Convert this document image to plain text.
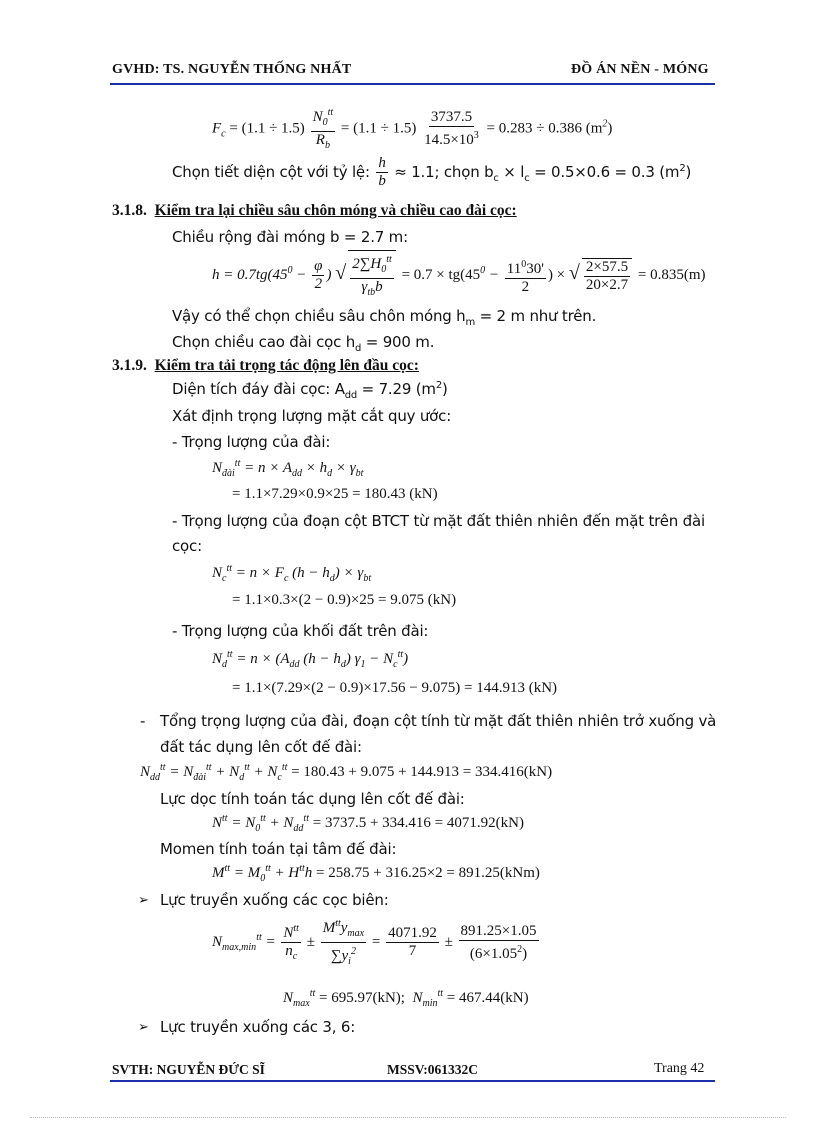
GVHD: TS. NGUYỄN THỐNG NHẤT	ĐỒ ÁN NỀN - MÓNG
$F_c = (1.1 \div 1.5) \frac{N_0^{tt}}{R_b} = (1.1 \div 1.5) \frac{3737.5}{14.5\times 10^3} = 0.283 \div 0.386$ $(m^2)$
Chọn tiết diện cột với tỷ lệ: $\frac{h}{b} \approx 1.1$; chọn $b_c \times l_c = 0.5\times 0.6 = 0.3$ $(m^2)$
3.1.8. Kiểm tra lại chiều sâu chôn móng và chiều cao đài cọc:
Chiều rộng đài móng b = 2.7 m:
$h = 0.7tg(45^0 - \frac{\varphi}{2}$ ) √ $\frac{2\sum H_0^{tt}}{\gamma_{tb}b} = 0.7 \times tg(45^0 - \frac{11^030'}{2}$ ) × √ $\frac{2\times 57.5}{20\times 2.7} = 0.835(m)$
Vậy có thể chọn chiều sâu chôn móng $h_m = 2$ m như trên.
Chọn chiều cao đài cọc $h_d = 900$ m.
3.1.9. Kiểm tra tải trọng tác động lên đầu cọc:
Diện tích đáy đài cọc: $A_{dd} = 7.29$ $(m^2)$
Xát định trọng lượng mặt cắt quy ước:
- Trọng lượng của đài:
$N_{đài}^{tt} = n \times A_{dd} \times h_d \times \gamma_{bt}$
= 1.1×7.29×0.9×25 = 180.43 (kN)
- Trọng lượng của đoạn cột BTCT từ mặt đất thiên nhiên đến mặt trên đài
cọc:
$N_c^{tt} = n \times F_c$ $(h - h_d) \times \gamma_{bt}$
= 1.1×0.3×(2 − 0.9)×25 = 9.075 (kN)
- Trọng lượng của khối đất trên đài:
$N_d^{tt} = n \times (A_{dd}$ $(h - h_d)$ $\gamma_1 - N_c^{tt}$)
= 1.1×(7.29×(2 − 0.9)×17.56 − 9.075) = 144.913 (kN)
- Tổng trọng lượng của đài, đoạn cột tính từ mặt đất thiên nhiên trở xuống và
đất tác dụng lên cốt đế đài:
$N_{dd}^{tt} = N_{đài}^{tt} + N_d^{tt} + N_c^{tt} = 180.43 + 9.075 + 144.913 = 334.416(kN)$
Lực dọc tính toán tác dụng lên cốt đế đài:
$N^{tt} = N_0^{tt} + N_{dd}^{tt} = 3737.5 + 334.416 = 4071.92(kN)$
Momen tính toán tại tâm đế đài:
$M^{tt} = M_0^{tt} + H^{tt}h = 258.75 + 316.25\times 2 = 891.25(kNm)$
➢ Lực truyền xuống các cọc biên:
$N_{max,min}^{tt} = \frac{N^{tt}}{n_c} \pm \frac{M^{tt}y_{max}}{\sum y_i^2} = \frac{4071.92}{7} \pm \frac{891.25\times 1.05}{(6\times 1.05^2)}$
$N_{max}^{tt} = 695.97(kN)$;  $N_{min}^{tt} = 467.44(kN)$
➢ Lực truyền xuống các 3, 6:
SVTH: NGUYỄN ĐỨC SĨ	MSSV:061332C	Trang 42
